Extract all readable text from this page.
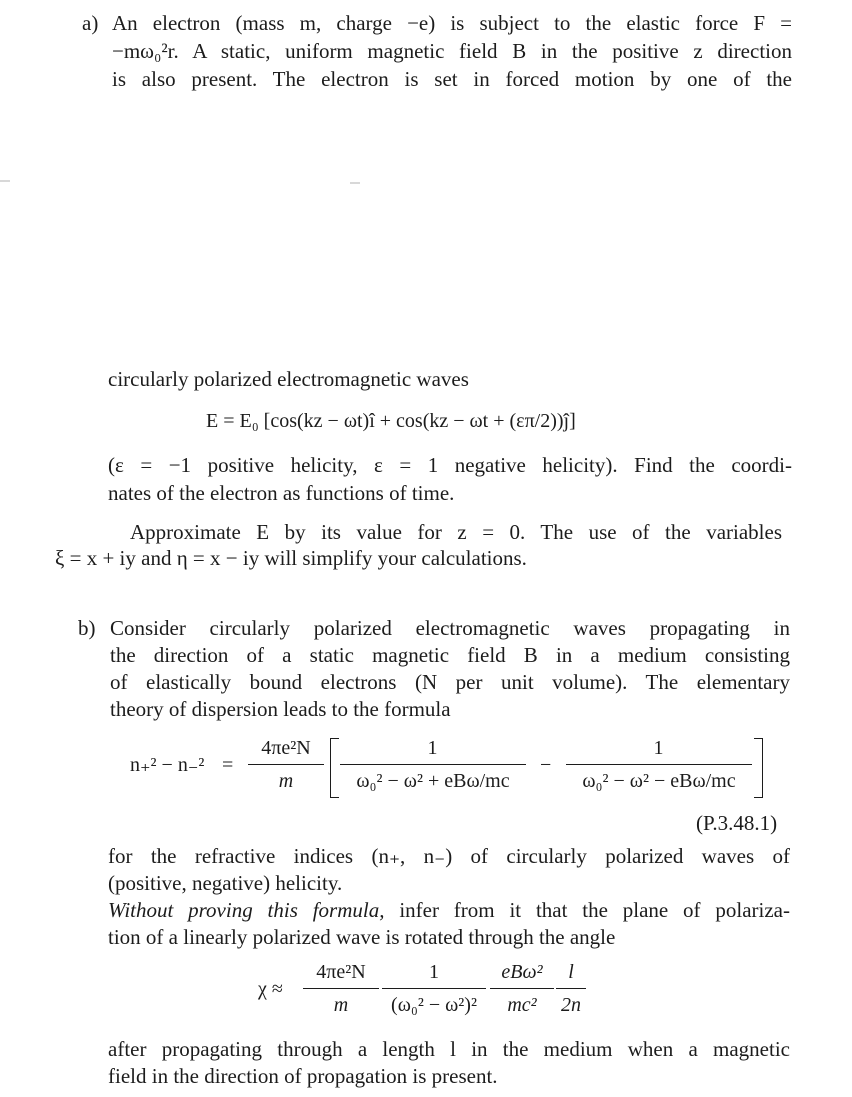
a) An electron (mass m, charge −e) is subject to the elastic force F =
−mω₀²r. A static, uniform magnetic field B in the positive z direction
is also present. The electron is set in forced motion by one of the
circularly polarized electromagnetic waves
E = E₀ [cos(kz − ωt)î + cos(kz − ωt + (επ/2))ĵ]
(ε = −1 positive helicity, ε = 1 negative helicity). Find the coordi-
nates of the electron as functions of time.
Approximate E by its value for z = 0. The use of the variables
ξ = x + iy and η = x − iy will simplify your calculations.
b) Consider circularly polarized electromagnetic waves propagating in
the direction of a static magnetic field B in a medium consisting
of elastically bound electrons (N per unit volume). The elementary
theory of dispersion leads to the formula
n₊² − n₋² =
4πe²N
m
1
ω₀² − ω² + eBω/mc
−
1
ω₀² − ω² − eBω/mc
(P.3.48.1)
for the refractive indices (n₊, n₋) of circularly polarized waves of
(positive, negative) helicity.
Without proving this formula, infer from it that the plane of polariza-
tion of a linearly polarized wave is rotated through the angle
χ ≈
4πe²N
m
1
(ω₀² − ω²)²
eBω²
mc²
l
2n
after propagating through a length l in the medium when a magnetic
field in the direction of propagation is present.
